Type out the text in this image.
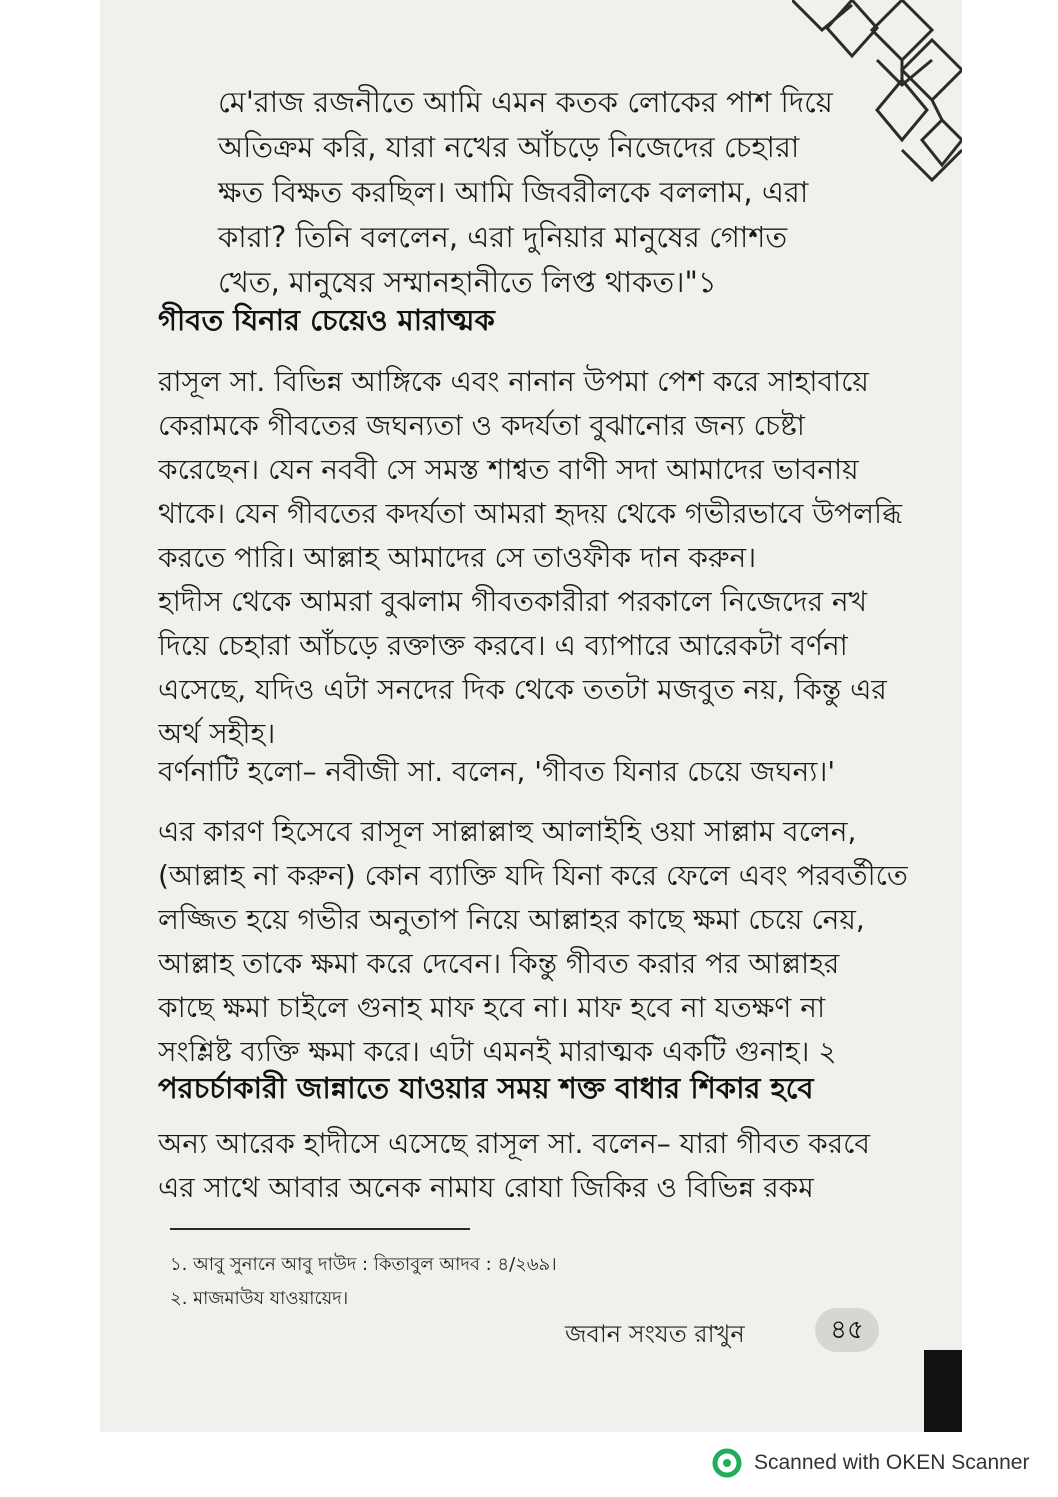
মে'রাজ রজনীতে আমি এমন কতক লোকের পাশ দিয়ে
অতিক্রম করি, যারা নখের আঁচড়ে নিজেদের চেহারা
ক্ষত বিক্ষত করছিল। আমি জিবরীলকে বললাম, এরা
কারা? তিনি বললেন, এরা দুনিয়ার মানুষের গোশত
খেত, মানুষের সম্মানহানীতে লিপ্ত থাকত।"১
গীবত যিনার চেয়েও মারাত্মক
রাসূল সা. বিভিন্ন আঙ্গিকে এবং নানান উপমা পেশ করে সাহাবায়ে
কেরামকে গীবতের জঘন্যতা ও কদর্যতা বুঝানোর জন্য চেষ্টা
করেছেন। যেন নববী সে সমস্ত শাশ্বত বাণী সদা আমাদের ভাবনায়
থাকে। যেন গীবতের কদর্যতা আমরা হৃদয় থেকে গভীরভাবে উপলব্ধি
করতে পারি। আল্লাহ আমাদের সে তাওফীক দান করুন।
হাদীস থেকে আমরা বুঝলাম গীবতকারীরা পরকালে নিজেদের নখ
দিয়ে চেহারা আঁচড়ে রক্তাক্ত করবে। এ ব্যাপারে আরেকটা বর্ণনা
এসেছে, যদিও এটা সনদের দিক থেকে ততটা মজবুত নয়, কিন্তু এর
অর্থ সহীহ।
বর্ণনাটি হলো– নবীজী সা. বলেন, 'গীবত যিনার চেয়ে জঘন্য।'
এর কারণ হিসেবে রাসূল সাল্লাল্লাহু আলাইহি ওয়া সাল্লাম বলেন,
(আল্লাহ না করুন) কোন ব্যাক্তি যদি যিনা করে ফেলে এবং পরবর্তীতে
লজ্জিত হয়ে গভীর অনুতাপ নিয়ে আল্লাহর কাছে ক্ষমা চেয়ে নেয়,
আল্লাহ তাকে ক্ষমা করে দেবেন। কিন্তু গীবত করার পর আল্লাহর
কাছে ক্ষমা চাইলে গুনাহ মাফ হবে না। মাফ হবে না যতক্ষণ না
সংশ্লিষ্ট ব্যক্তি ক্ষমা করে। এটা এমনই মারাত্মক একটি গুনাহ। ২
পরচর্চাকারী জান্নাতে যাওয়ার সময় শক্ত বাধার শিকার হবে
অন্য আরেক হাদীসে এসেছে রাসূল সা. বলেন– যারা গীবত করবে
এর সাথে আবার অনেক নামায রোযা জিকির ও বিভিন্ন রকম
১. আবু সুনানে আবু দাউদ : কিতাবুল আদব : ৪/২৬৯।
২. মাজমাউয যাওয়ায়েদ।
জবান সংযত রাখুন	৪৫
Scanned with OKEN Scanner
